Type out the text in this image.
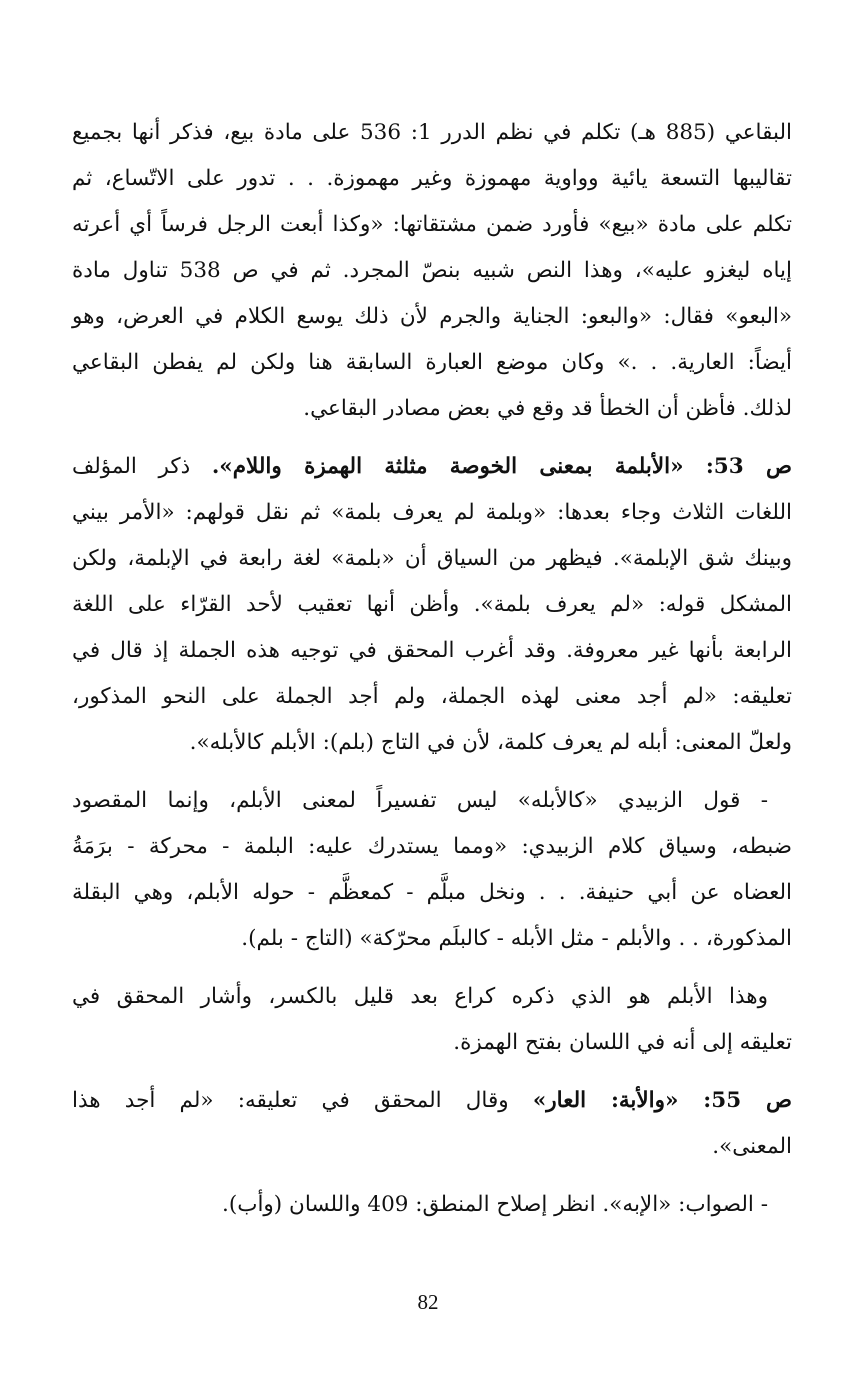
البقاعي (885 هـ) تكلم في نظم الدرر 1: 536 على مادة بيع، فذكر أنها بجميع
تقاليبها التسعة يائية وواوية مهموزة وغير مهموزة. . . تدور على الاتّساع، ثم
تكلم على مادة «بيع» فأورد ضمن مشتقاتها: «وكذا أبعت الرجل فرساً أي أعرته
إياه ليغزو عليه»، وهذا النص شبيه بنصّ المجرد. ثم في ص 538 تناول مادة
«البعو» فقال: «والبعو: الجناية والجرم لأن ذلك يوسع الكلام في العرض، وهو
أيضاً: العارية. . .» وكان موضع العبارة السابقة هنا ولكن لم يفطن البقاعي
لذلك. فأظن أن الخطأ قد وقع في بعض مصادر البقاعي.

ص 53: «الأبلمة بمعنى الخوصة مثلثة الهمزة واللام». ذكر المؤلف
اللغات الثلاث وجاء بعدها: «وبلمة لم يعرف بلمة» ثم نقل قولهم: «الأمر بيني
وبينك شق الإبلمة». فيظهر من السياق أن «بلمة» لغة رابعة في الإبلمة، ولكن
المشكل قوله: «لم يعرف بلمة». وأظن أنها تعقيب لأحد القرّاء على اللغة
الرابعة بأنها غير معروفة. وقد أغرب المحقق في توجيه هذه الجملة إذ قال في
تعليقه: «لم أجد معنى لهذه الجملة، ولم أجد الجملة على النحو المذكور،
ولعلّ المعنى: أبله لم يعرف كلمة، لأن في التاج (بلم): الأبلم كالأبله».

- قول الزبيدي «كالأبله» ليس تفسيراً لمعنى الأبلم، وإنما المقصود
ضبطه، وسياق كلام الزبيدي: «ومما يستدرك عليه: البلمة - محركة - برَمَةُ
العضاه عن أبي حنيفة. . . ونخل مبلَّم - كمعظَّم - حوله الأبلم، وهي البقلة
المذكورة، . . والأبلم - مثل الأبله - كالبلَم محرّكة» (التاج - بلم).

وهذا الأبلم هو الذي ذكره كراع بعد قليل بالكسر، وأشار المحقق في
تعليقه إلى أنه في اللسان بفتح الهمزة.

ص 55: «والأبة: العار» وقال المحقق في تعليقه: «لم أجد هذا
المعنى».

- الصواب: «الإبه». انظر إصلاح المنطق: 409 واللسان (وأب).

82
